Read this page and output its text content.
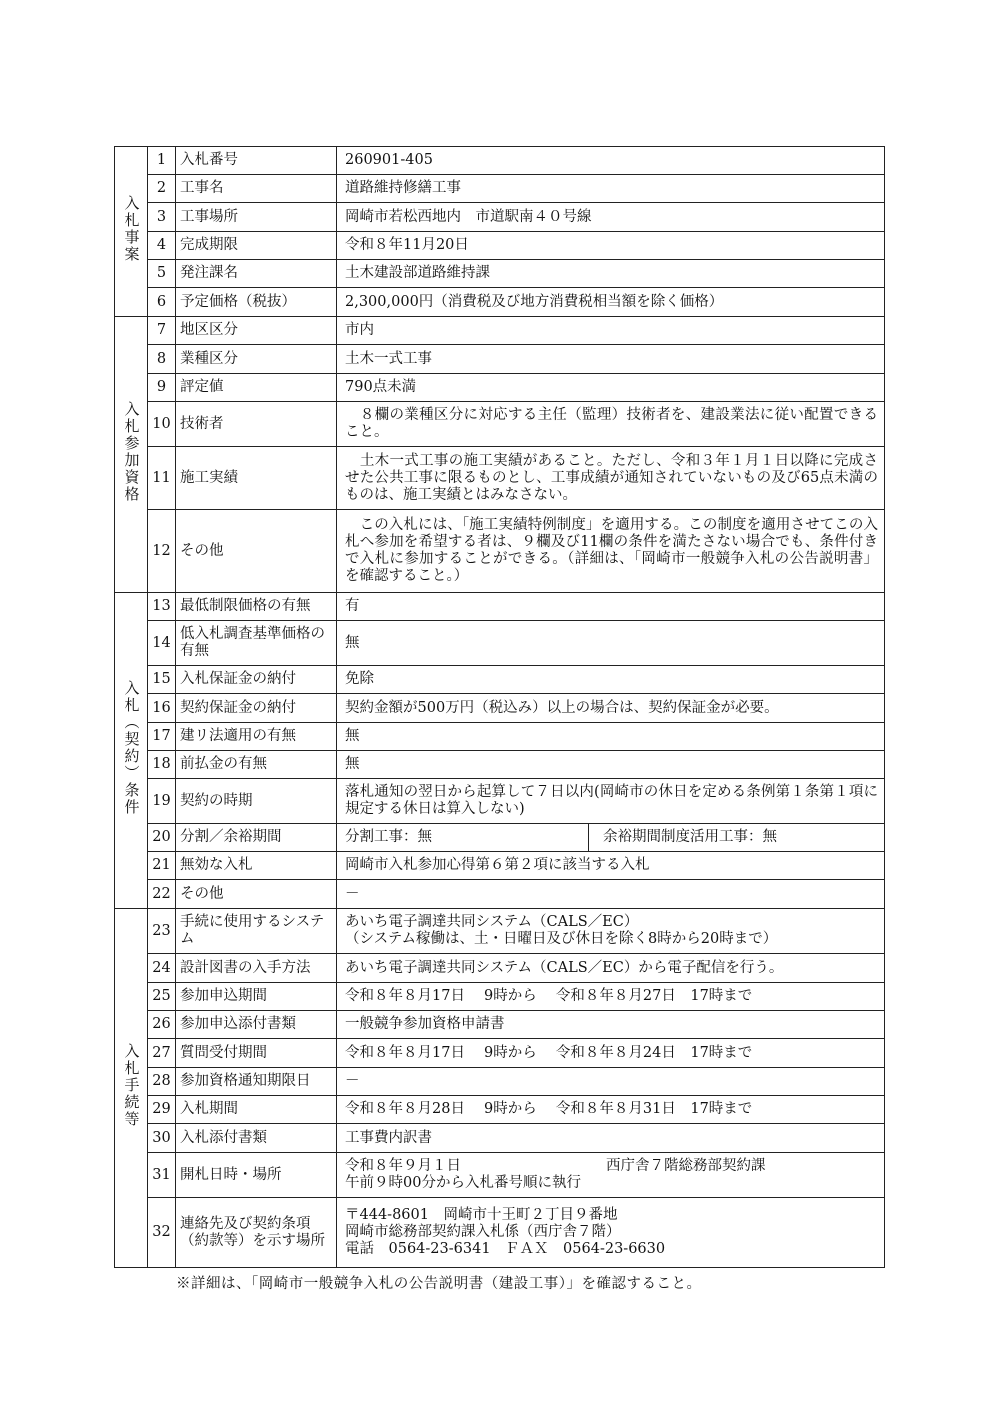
入札事案	1	入札番号	260901-405	
	2	工事名	道路維持修繕工事	
	3	工事場所	岡崎市若松西地内　市道駅南４０号線	
	4	完成期限	令和８年11月20日	
	5	発注課名	土木建設部道路維持課	
	6	予定価格（税抜）	2,300,000円（消費税及び地方消費税相当額を除く価格）	
入札参加資格	7	地区区分	市内	
	8	業種区分	土木一式工事	
	9	評定値	790点未満	
	10	技術者	　８欄の業種区分に対応する主任（監理）技術者を、建設業法に従い配置できること。	

	11	施工実績	　土木一式工事の施工実績があること。ただし、令和３年１月１日以降に完成させた公共工事に限るものとし、工事成績が通知されていないもの及び65点未満のものは、施工実績とはみなさない。	

	12	その他	　この入札には、「施工実績特例制度」を適用する。この制度を適用させてこの入札へ参加を希望する者は、９欄及び11欄の条件を満たさない場合でも、条件付きで入札に参加することができる。（詳細は、「岡崎市一般競争入札の公告説明書」を確認すること。）	

入札（契約）条件	13	最低制限価格の有無	有	
	14	低入札調査基準価格の有無	無	
	15	入札保証金の納付	免除	
	16	契約保証金の納付	契約金額が500万円（税込み）以上の場合は、契約保証金が必要。	
	17	建リ法適用の有無	無	
	18	前払金の有無	無	
	19	契約の時期	落札通知の翌日から起算して７日以内(岡崎市の休日を定める条例第１条第１項に規定する休日は算入しない)	

	20	分割／余裕期間	分割工事：無	余裕期間制度活用工事：無
	21	無効な入札	岡崎市入札参加心得第６第２項に該当する入札	
	22	その他	－	
入札手続等	23	手続に使用するシステム	あいち電子調達共同システム（CALS／EC）
（システム稼働は、土・日曜日及び休日を除く8時から20時まで）	

	24	設計図書の入手方法	あいち電子調達共同システム（CALS／EC）から電子配信を行う。	
	25	参加申込期間	令和８年８月17日　 9時から　 令和８年８月27日　17時まで	
	26	参加申込添付書類	一般競争参加資格申請書	
	27	質問受付期間	令和８年８月17日　 9時から　 令和８年８月24日　17時まで	
	28	参加資格通知期限日	－	
	29	入札期間	令和８年８月28日　 9時から　 令和８年８月31日　17時まで	
	30	入札添付書類	工事費内訳書	
	31	開札日時・場所	令和８年９月１日　　　　　　　　　　西庁舎７階総務部契約課
午前９時00分から入札番号順に執行	

	32	連絡先及び契約条項（約款等）を示す場所	〒444-8601　岡崎市十王町２丁目９番地
岡崎市総務部契約課入札係（西庁舎７階）
電話　0564-23-6341　ＦＡＸ　0564-23-6630	
※詳細は、「岡崎市一般競争入札の公告説明書（建設工事）」を確認すること。
